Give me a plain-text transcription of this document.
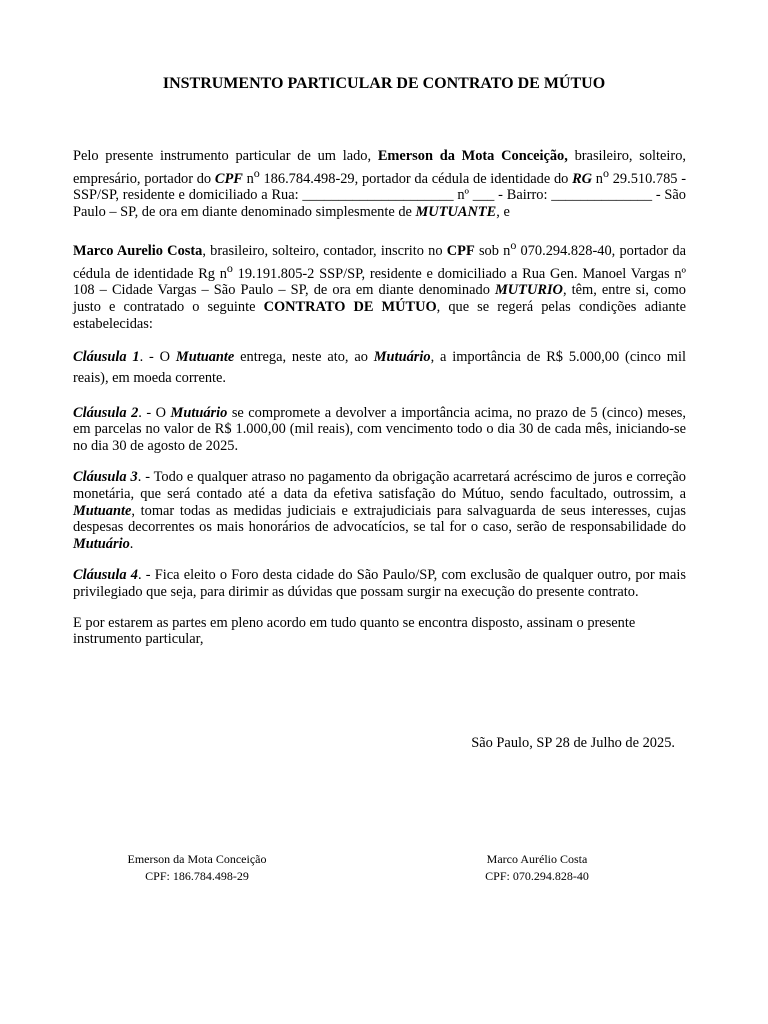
INSTRUMENTO PARTICULAR DE CONTRATO DE MÚTUO

Pelo presente instrumento particular de um lado, Emerson da Mota Conceição, brasileiro, solteiro, empresário, portador do CPF $n^o$ 186.784.498-29, portador da cédula de identidade do RG $n^o$ 29.510.785 - SSP/SP, residente e domiciliado a Rua: _____________________ nº ___ - Bairro: ______________ - São Paulo – SP, de ora em diante denominado simplesmente de MUTUANTE, e

Marco Aurelio Costa, brasileiro, solteiro, contador, inscrito no CPF sob $n^o$ 070.294.828-40, portador da cédula de identidade Rg $n^o$ 19.191.805-2 SSP/SP, residente e domiciliado a Rua Gen. Manoel Vargas nº 108 – Cidade Vargas – São Paulo – SP, de ora em diante denominado MUTURIO, têm, entre si, como justo e contratado o seguinte CONTRATO DE MÚTUO, que se regerá pelas condições adiante estabelecidas:

Cláusula 1. - O Mutuante entrega, neste ato, ao Mutuário, a importância de R$ 5.000,00 (cinco mil reais), em moeda corrente.

Cláusula 2. - O Mutuário se compromete a devolver a importância acima, no prazo de 5 (cinco) meses, em parcelas no valor de R$ 1.000,00 (mil reais), com vencimento todo o dia 30 de cada mês, iniciando-se no dia 30 de agosto de 2025.

Cláusula 3. - Todo e qualquer atraso no pagamento da obrigação acarretará acréscimo de juros e correção monetária, que será contado até a data da efetiva satisfação do Mútuo, sendo facultado, outrossim, a Mutuante, tomar todas as medidas judiciais e extrajudiciais para salvaguarda de seus interesses, cujas despesas decorrentes os mais honorários de advocatícios, se tal for o caso, serão de responsabilidade do Mutuário.

Cláusula 4. - Fica eleito o Foro desta cidade do São Paulo/SP, com exclusão de qualquer outro, por mais privilegiado que seja, para dirimir as dúvidas que possam surgir na execução do presente contrato.

E por estarem as partes em pleno acordo em tudo quanto se encontra disposto, assinam o presente instrumento particular,

São Paulo, SP 28 de Julho de 2025.
Emerson da Mota Conceição
CPF: 186.784.498-29
Marco Aurélio Costa
CPF: 070.294.828-40
